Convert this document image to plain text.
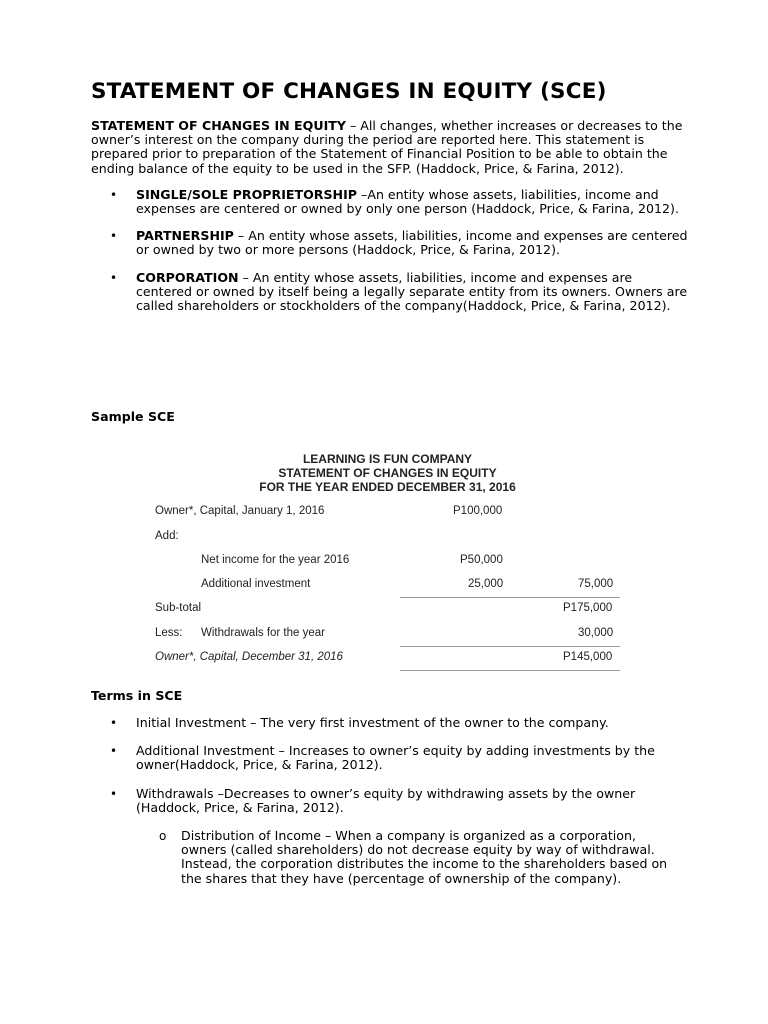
STATEMENT OF CHANGES IN EQUITY (SCE)

STATEMENT OF CHANGES IN EQUITY – All changes, whether increases or decreases to the owner’s interest on the company during the period are reported here. This statement is prepared prior to preparation of the Statement of Financial Position to be able to obtain the ending balance of the equity to be used in the SFP. (Haddock, Price, & Farina, 2012).

• SINGLE/SOLE PROPRIETORSHIP –An entity whose assets, liabilities, income and expenses are centered or owned by only one person (Haddock, Price, & Farina, 2012).
• PARTNERSHIP – An entity whose assets, liabilities, income and expenses are centered or owned by two or more persons (Haddock, Price, & Farina, 2012).
• CORPORATION – An entity whose assets, liabilities, income and expenses are centered or owned by itself being a legally separate entity from its owners. Owners are called shareholders or stockholders of the company(Haddock, Price, & Farina, 2012).
Sample SCE
LEARNING IS FUN COMPANY
STATEMENT OF CHANGES IN EQUITY
FOR THE YEAR ENDED DECEMBER 31, 2016
Owner*, Capital, January 1, 2016	P100,000
Add:
Net income for the year 2016	P50,000
Additional investment	25,000	75,000
Sub-total	P175,000
Less: Withdrawals for the year	30,000
Owner*, Capital, December 31, 2016	P145,000
Terms in SCE
• Initial Investment – The very first investment of the owner to the company.
• Additional Investment – Increases to owner’s equity by adding investments by the owner(Haddock, Price, & Farina, 2012).
• Withdrawals –Decreases to owner’s equity by withdrawing assets by the owner (Haddock, Price, & Farina, 2012).
o Distribution of Income – When a company is organized as a corporation, owners (called shareholders) do not decrease equity by way of withdrawal. Instead, the corporation distributes the income to the shareholders based on the shares that they have (percentage of ownership of the company).
